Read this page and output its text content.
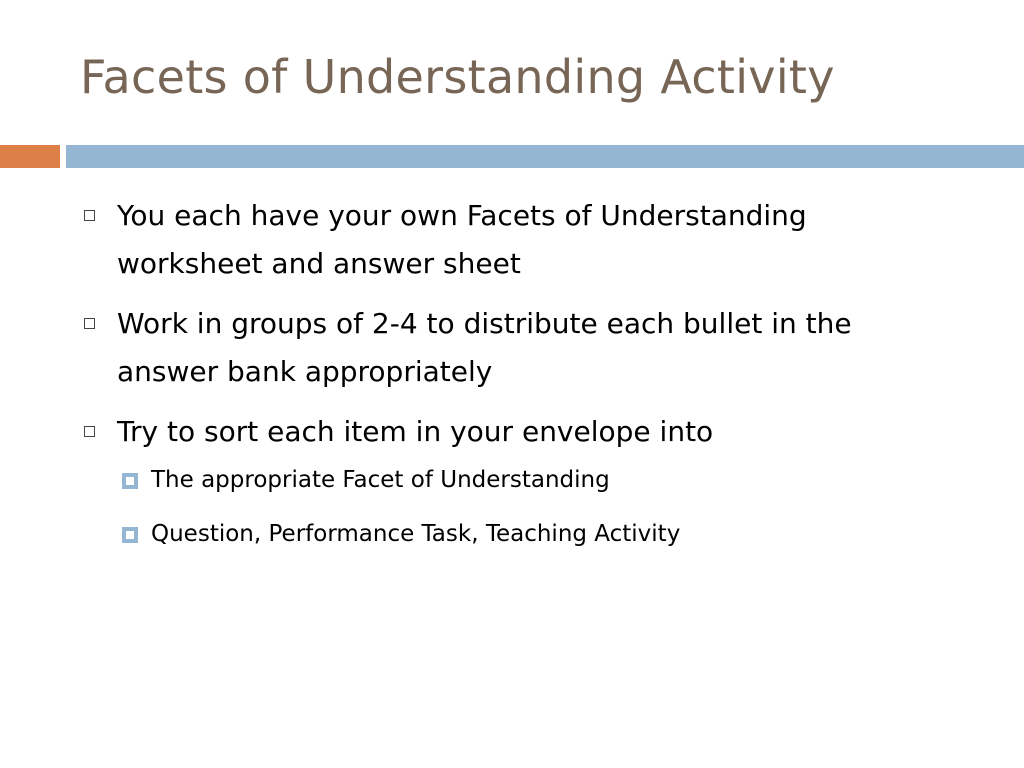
Facets of Understanding Activity
You each have your own Facets of Understanding worksheet and answer sheet
Work in groups of 2-4 to distribute each bullet in the answer bank appropriately
Try to sort each item in your envelope into
The appropriate Facet of Understanding
Question, Performance Task, Teaching Activity
